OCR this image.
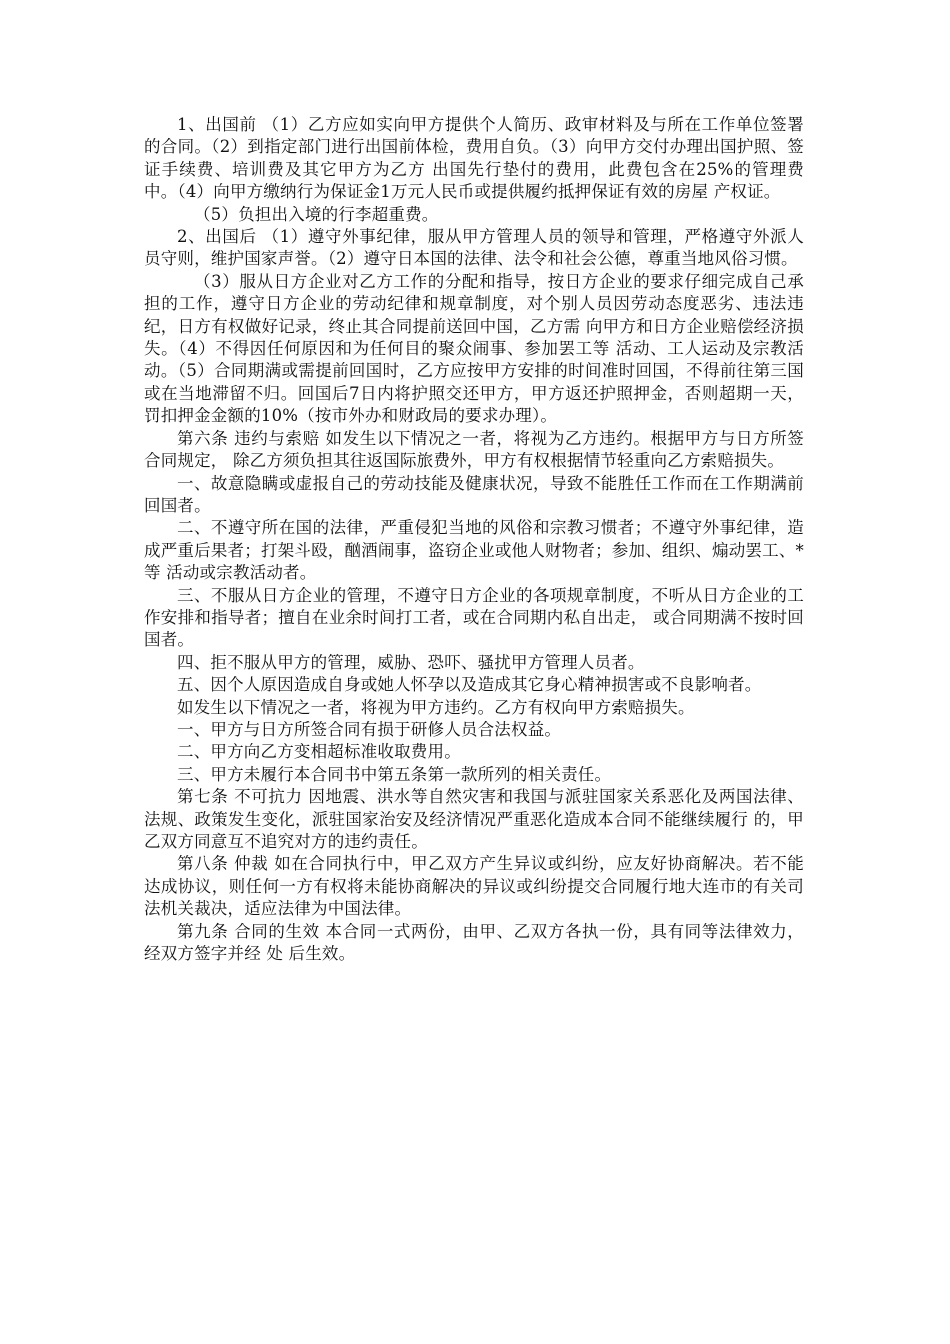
1、出国前 （1）乙方应如实向甲方提供个人简历、政审材料及与所在工作单位签署 的合同。（2）到指定部门进行出国前体检，费用自负。（3）向甲方交付办理出国护照、签证手续费、培训费及其它甲方为乙方 出国先行垫付的费用，此费包含在25%的管理费中。（4）向甲方缴纳行为保证金1万元人民币或提供履约抵押保证有效的房屋 产权证。

（5）负担出入境的行李超重费。

2、出国后 （1）遵守外事纪律，服从甲方管理人员的领导和管理，严格遵守外派人员守则，维护国家声誉。（2）遵守日本国的法律、法令和社会公德，尊重当地风俗习惯。

（3）服从日方企业对乙方工作的分配和指导，按日方企业的要求仔细完成自己承担的工作，遵守日方企业的劳动纪律和规章制度，对个别人员因劳动态度恶劣、违法违纪，日方有权做好记录，终止其合同提前送回中国，乙方需 向甲方和日方企业赔偿经济损失。（4）不得因任何原因和为任何目的聚众闹事、参加罢工等 活动、工人运动及宗教活动。（5）合同期满或需提前回国时，乙方应按甲方安排的时间准时回国，不得前往第三国或在当地滞留不归。回国后7日内将护照交还甲方，甲方返还护照押金，否则超期一天，罚扣押金金额的10%（按市外办和财政局的要求办理）。

第六条 违约与索赔 如发生以下情况之一者，将视为乙方违约。根据甲方与日方所签合同规定， 除乙方须负担其往返国际旅费外，甲方有权根据情节轻重向乙方索赔损失。

一、故意隐瞒或虚报自己的劳动技能及健康状况，导致不能胜任工作而在工作期满前回国者。

二、不遵守所在国的法律，严重侵犯当地的风俗和宗教习惯者；不遵守外事纪律，造成严重后果者；打架斗殴，酗酒闹事，盗窃企业或他人财物者；参加、组织、煽动罢工、*等 活动或宗教活动者。

三、不服从日方企业的管理，不遵守日方企业的各项规章制度，不听从日方企业的工作安排和指导者；擅自在业余时间打工者，或在合同期内私自出走， 或合同期满不按时回国者。

四、拒不服从甲方的管理，威胁、恐吓、骚扰甲方管理人员者。

五、因个人原因造成自身或她人怀孕以及造成其它身心精神损害或不良影响者。

如发生以下情况之一者，将视为甲方违约。乙方有权向甲方索赔损失。

一、甲方与日方所签合同有损于研修人员合法权益。

二、甲方向乙方变相超标准收取费用。

三、甲方未履行本合同书中第五条第一款所列的相关责任。

第七条 不可抗力 因地震、洪水等自然灾害和我国与派驻国家关系恶化及两国法律、法规、政策发生变化，派驻国家治安及经济情况严重恶化造成本合同不能继续履行 的，甲乙双方同意互不追究对方的违约责任。

第八条 仲裁 如在合同执行中，甲乙双方产生异议或纠纷，应友好协商解决。若不能达成协议，则任何一方有权将未能协商解决的异议或纠纷提交合同履行地大连市的有关司法机关裁决，适应法律为中国法律。

第九条 合同的生效 本合同一式两份，由甲、乙双方各执一份，具有同等法律效力，经双方签字并经 处 后生效。
